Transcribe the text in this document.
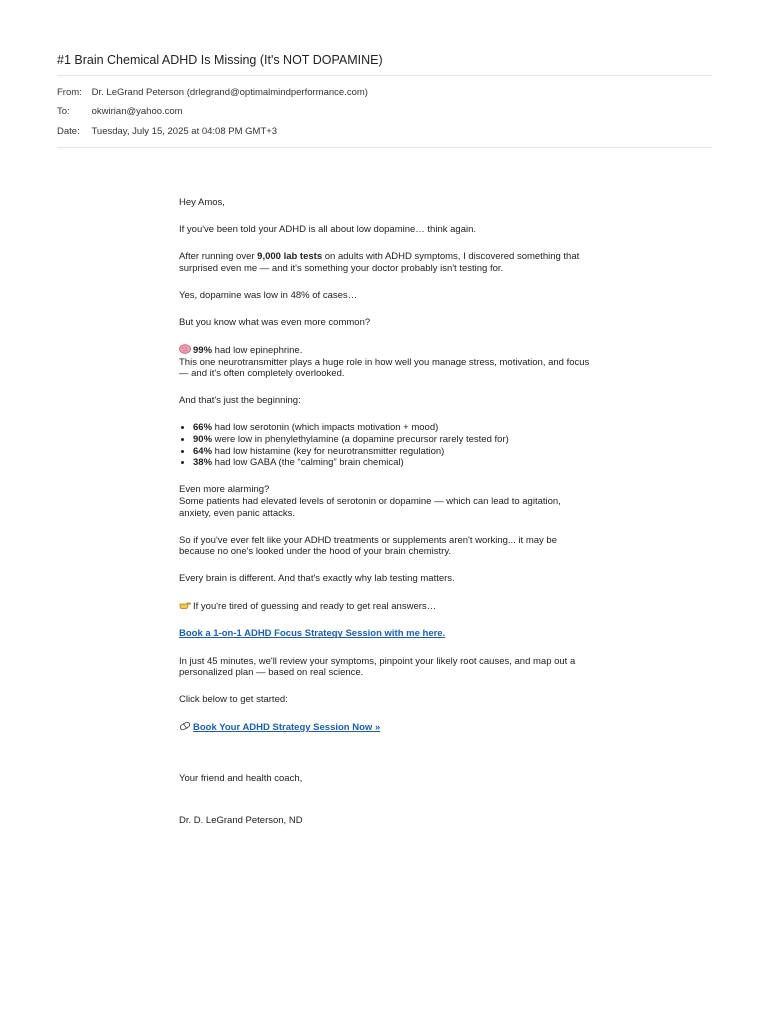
#1 Brain Chemical ADHD Is Missing (It's NOT DOPAMINE)
From: Dr. LeGrand Peterson (drlegrand@optimalmindperformance.com)
To: okwirian@yahoo.com
Date: Tuesday, July 15, 2025 at 04:08 PM GMT+3

Hey Amos,

If you've been told your ADHD is all about low dopamine… think again.

After running over 9,000 lab tests on adults with ADHD symptoms, I discovered something that surprised even me — and it's something your doctor probably isn't testing for.

Yes, dopamine was low in 48% of cases…

But you know what was even more common?

99% had low epinephrine.
This one neurotransmitter plays a huge role in how well you manage stress, motivation, and focus — and it's often completely overlooked.

And that's just the beginning:

• 66% had low serotonin (which impacts motivation + mood)
• 90% were low in phenylethylamine (a dopamine precursor rarely tested for)
• 64% had low histamine (key for neurotransmitter regulation)
• 38% had low GABA (the “calming” brain chemical)

Even more alarming?
Some patients had elevated levels of serotonin or dopamine — which can lead to agitation, anxiety, even panic attacks.

So if you've ever felt like your ADHD treatments or supplements aren't working... it may be because no one's looked under the hood of your brain chemistry.

Every brain is different. And that's exactly why lab testing matters.

If you're tired of guessing and ready to get real answers…

Book a 1-on-1 ADHD Focus Strategy Session with me here.

In just 45 minutes, we'll review your symptoms, pinpoint your likely root causes, and map out a personalized plan — based on real science.

Click below to get started:

Book Your ADHD Strategy Session Now »

Your friend and health coach,

Dr. D. LeGrand Peterson, ND
